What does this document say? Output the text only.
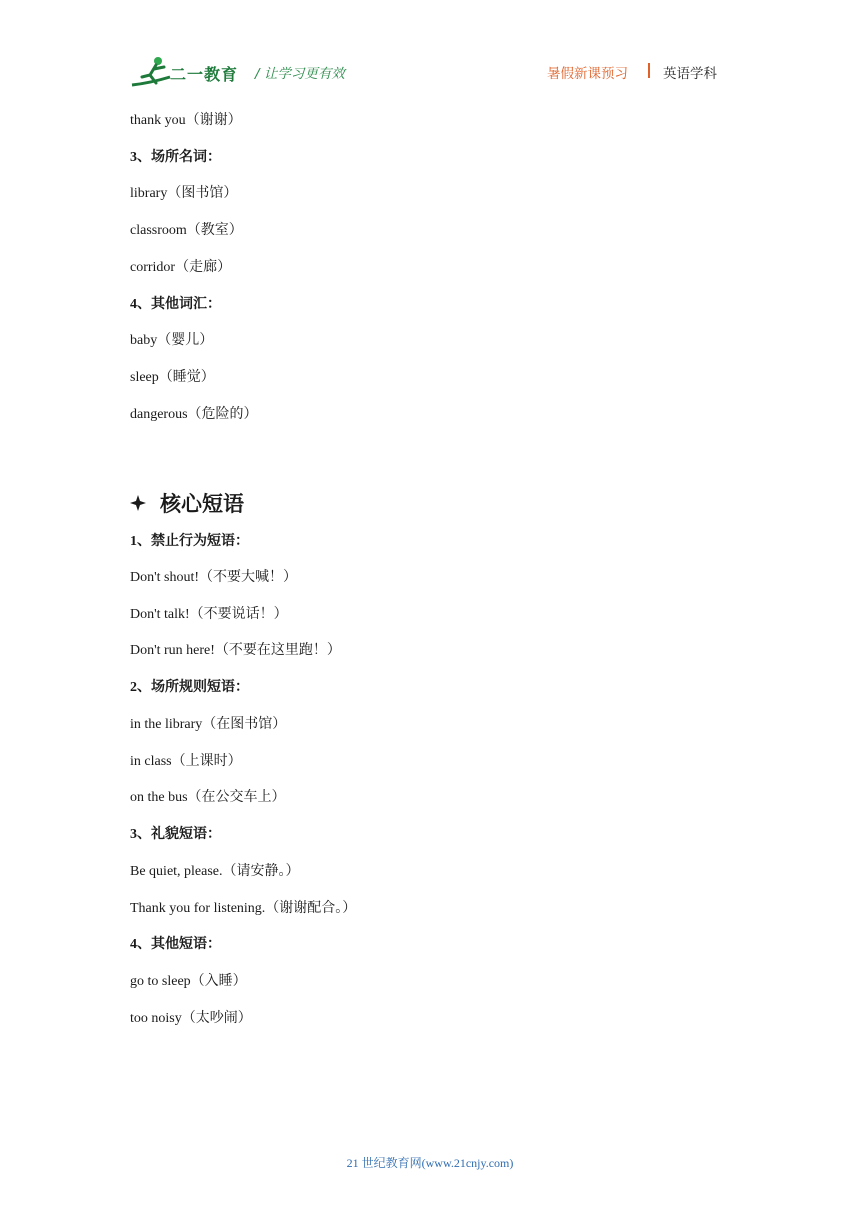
二一教育 / 让学习更有效	暑假新课预习	英语学科
thank you（谢谢）
3、场所名词：
library（图书馆）
classroom（教室）
corridor（走廊）
4、其他词汇：
baby（婴儿）
sleep（睡觉）
dangerous（危险的）
核心短语
1、禁止行为短语：
Don't shout!（不要大喊！）
Don't talk!（不要说话！）
Don't run here!（不要在这里跑！）
2、场所规则短语：
in the library（在图书馆）
in class（上课时）
on the bus（在公交车上）
3、礼貌短语：
Be quiet, please.（请安静。）
Thank you for listening.（谢谢配合。）
4、其他短语：
go to sleep（入睡）
too noisy（太吵闹）
21 世纪教育网(www.21cnjy.com)
